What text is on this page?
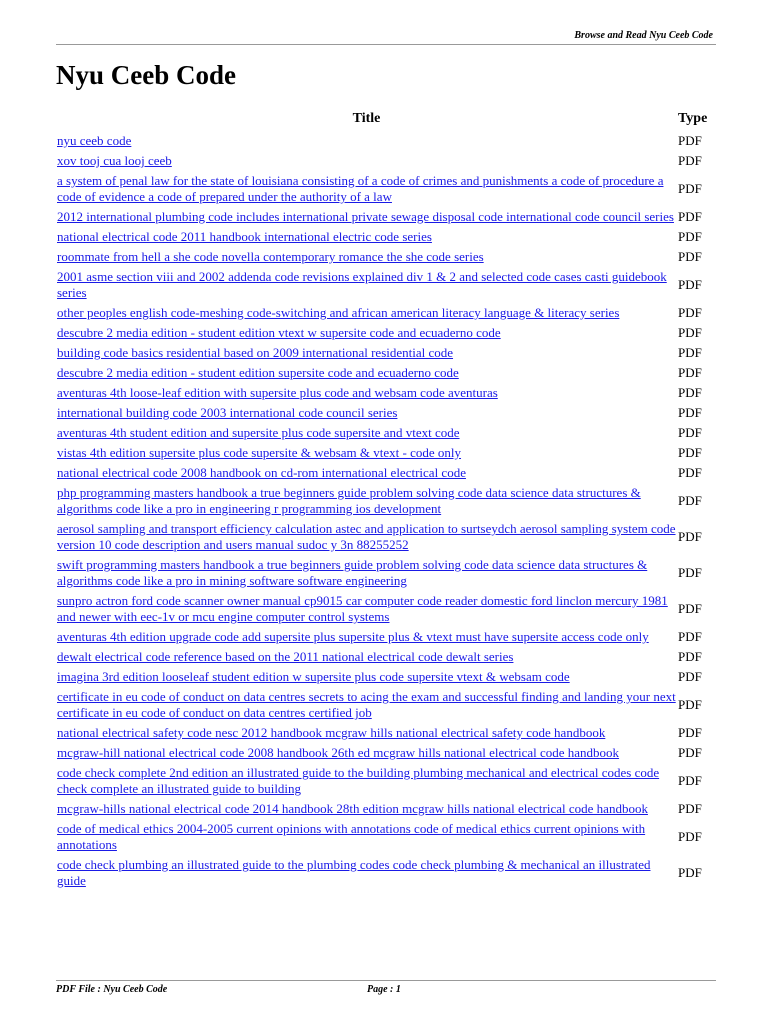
Browse and Read Nyu Ceeb Code
Nyu Ceeb Code
Title	Type
nyu ceeb code	PDF
xov tooj cua looj ceeb	PDF
a system of penal law for the state of louisiana consisting of a code of crimes and punishments a code of procedure a code of evidence a code of prepared under the authority of a law	PDF
2012 international plumbing code includes international private sewage disposal code international code council series	PDF
national electrical code 2011 handbook international electric code series	PDF
roommate from hell a she code novella contemporary romance the she code series	PDF
2001 asme section viii and 2002 addenda code revisions explained div 1 & 2 and selected code cases casti guidebook series	PDF
other peoples english code-meshing code-switching and african american literacy language & literacy series	PDF
descubre 2 media edition - student edition vtext w supersite code and ecuaderno code	PDF
building code basics residential based on 2009 international residential code	PDF
descubre 2 media edition - student edition supersite code and ecuaderno code	PDF
aventuras 4th loose-leaf edition with supersite plus code and websam code aventuras	PDF
international building code 2003 international code council series	PDF
aventuras 4th student edition and supersite plus code supersite and vtext code	PDF
vistas 4th edition supersite plus code supersite & websam & vtext - code only	PDF
national electrical code 2008 handbook on cd-rom international electrical code	PDF
php programming masters handbook a true beginners guide problem solving code data science data structures & algorithms code like a pro in engineering r programming ios development	PDF
aerosol sampling and transport efficiency calculation astec and application to surtseydch aerosol sampling system code version 10 code description and users manual sudoc y 3n 88255252	PDF
swift programming masters handbook a true beginners guide problem solving code data science data structures & algorithms code like a pro in mining software software engineering	PDF
sunpro actron ford code scanner owner manual cp9015 car computer code reader domestic ford linclon mercury 1981 and newer with eec-1v or mcu engine computer control systems	PDF
aventuras 4th edition upgrade code add supersite plus supersite plus & vtext must have supersite access code only	PDF
dewalt electrical code reference based on the 2011 national electrical code dewalt series	PDF
imagina 3rd edition looseleaf student edition w supersite plus code supersite vtext & websam code	PDF
certificate in eu code of conduct on data centres secrets to acing the exam and successful finding and landing your next certificate in eu code of conduct on data centres certified job	PDF
national electrical safety code nesc 2012 handbook mcgraw hills national electrical safety code handbook	PDF
mcgraw-hill national electrical code 2008 handbook 26th ed mcgraw hills national electrical code handbook	PDF
code check complete 2nd edition an illustrated guide to the building plumbing mechanical and electrical codes code check complete an illustrated guide to building	PDF
mcgraw-hills national electrical code 2014 handbook 28th edition mcgraw hills national electrical code handbook	PDF
code of medical ethics 2004-2005 current opinions with annotations code of medical ethics current opinions with annotations	PDF
code check plumbing an illustrated guide to the plumbing codes code check plumbing & mechanical an illustrated guide	PDF
PDF File : Nyu Ceeb Code	Page : 1
